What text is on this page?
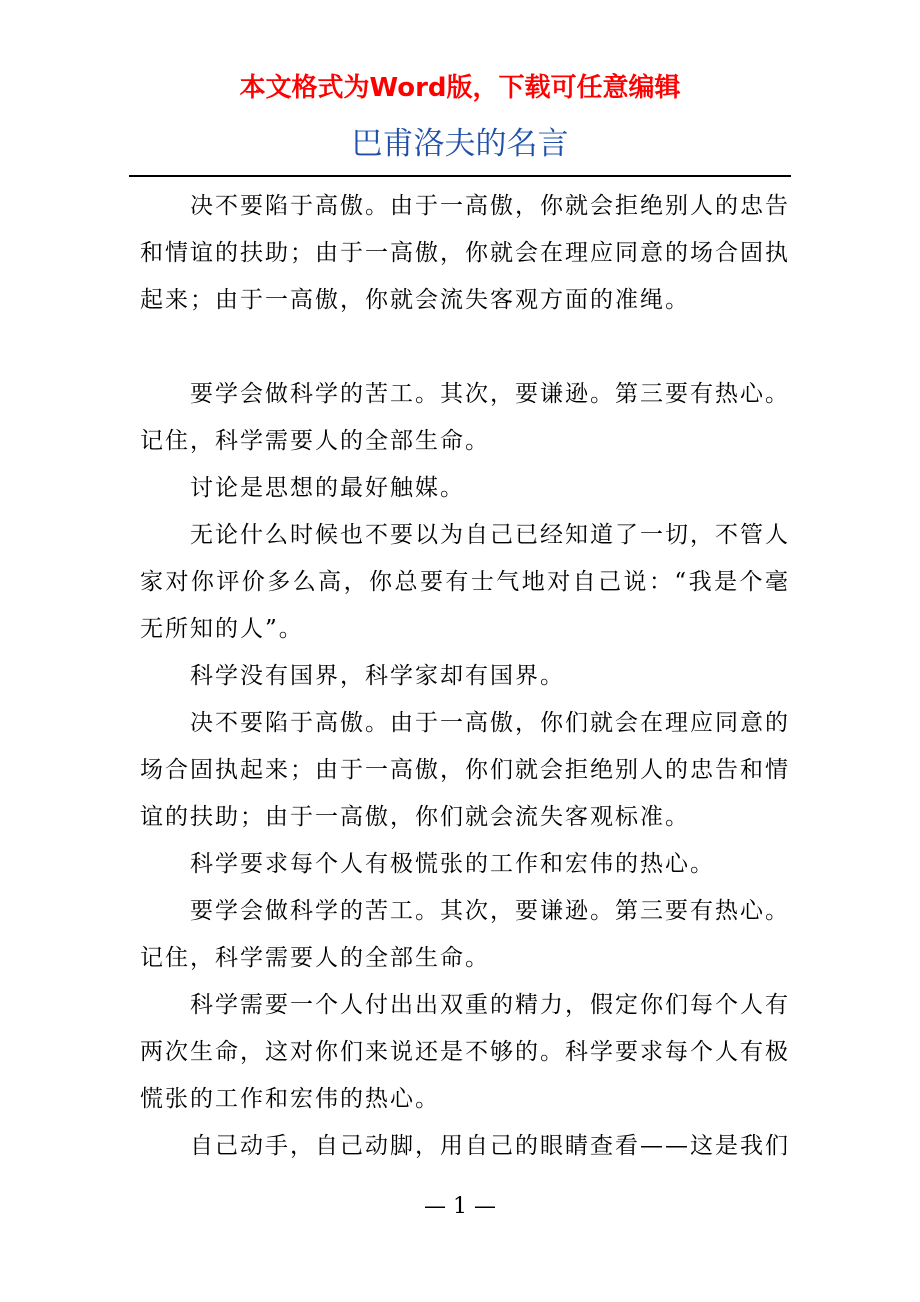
本文格式为Word版，下载可任意编辑
巴甫洛夫的名言

决不要陷于高傲。由于一高傲，你就会拒绝别人的忠告和情谊的扶助；由于一高傲，你就会在理应同意的场合固执起来；由于一高傲，你就会流失客观方面的准绳。

要学会做科学的苦工。其次，要谦逊。第三要有热心。记住，科学需要人的全部生命。

讨论是思想的最好触媒。

无论什么时候也不要以为自己已经知道了一切，不管人家对你评价多么高，你总要有士气地对自己说：“我是个毫无所知的人”。

科学没有国界，科学家却有国界。

决不要陷于高傲。由于一高傲，你们就会在理应同意的场合固执起来；由于一高傲，你们就会拒绝别人的忠告和情谊的扶助；由于一高傲，你们就会流失客观标准。

科学要求每个人有极慌张的工作和宏伟的热心。

要学会做科学的苦工。其次，要谦逊。第三要有热心。记住，科学需要人的全部生命。

科学需要一个人付出出双重的精力，假定你们每个人有两次生命，这对你们来说还是不够的。科学要求每个人有极慌张的工作和宏伟的热心。

自己动手，自己动脚，用自己的眼睛查看——这是我们

— 1 —
